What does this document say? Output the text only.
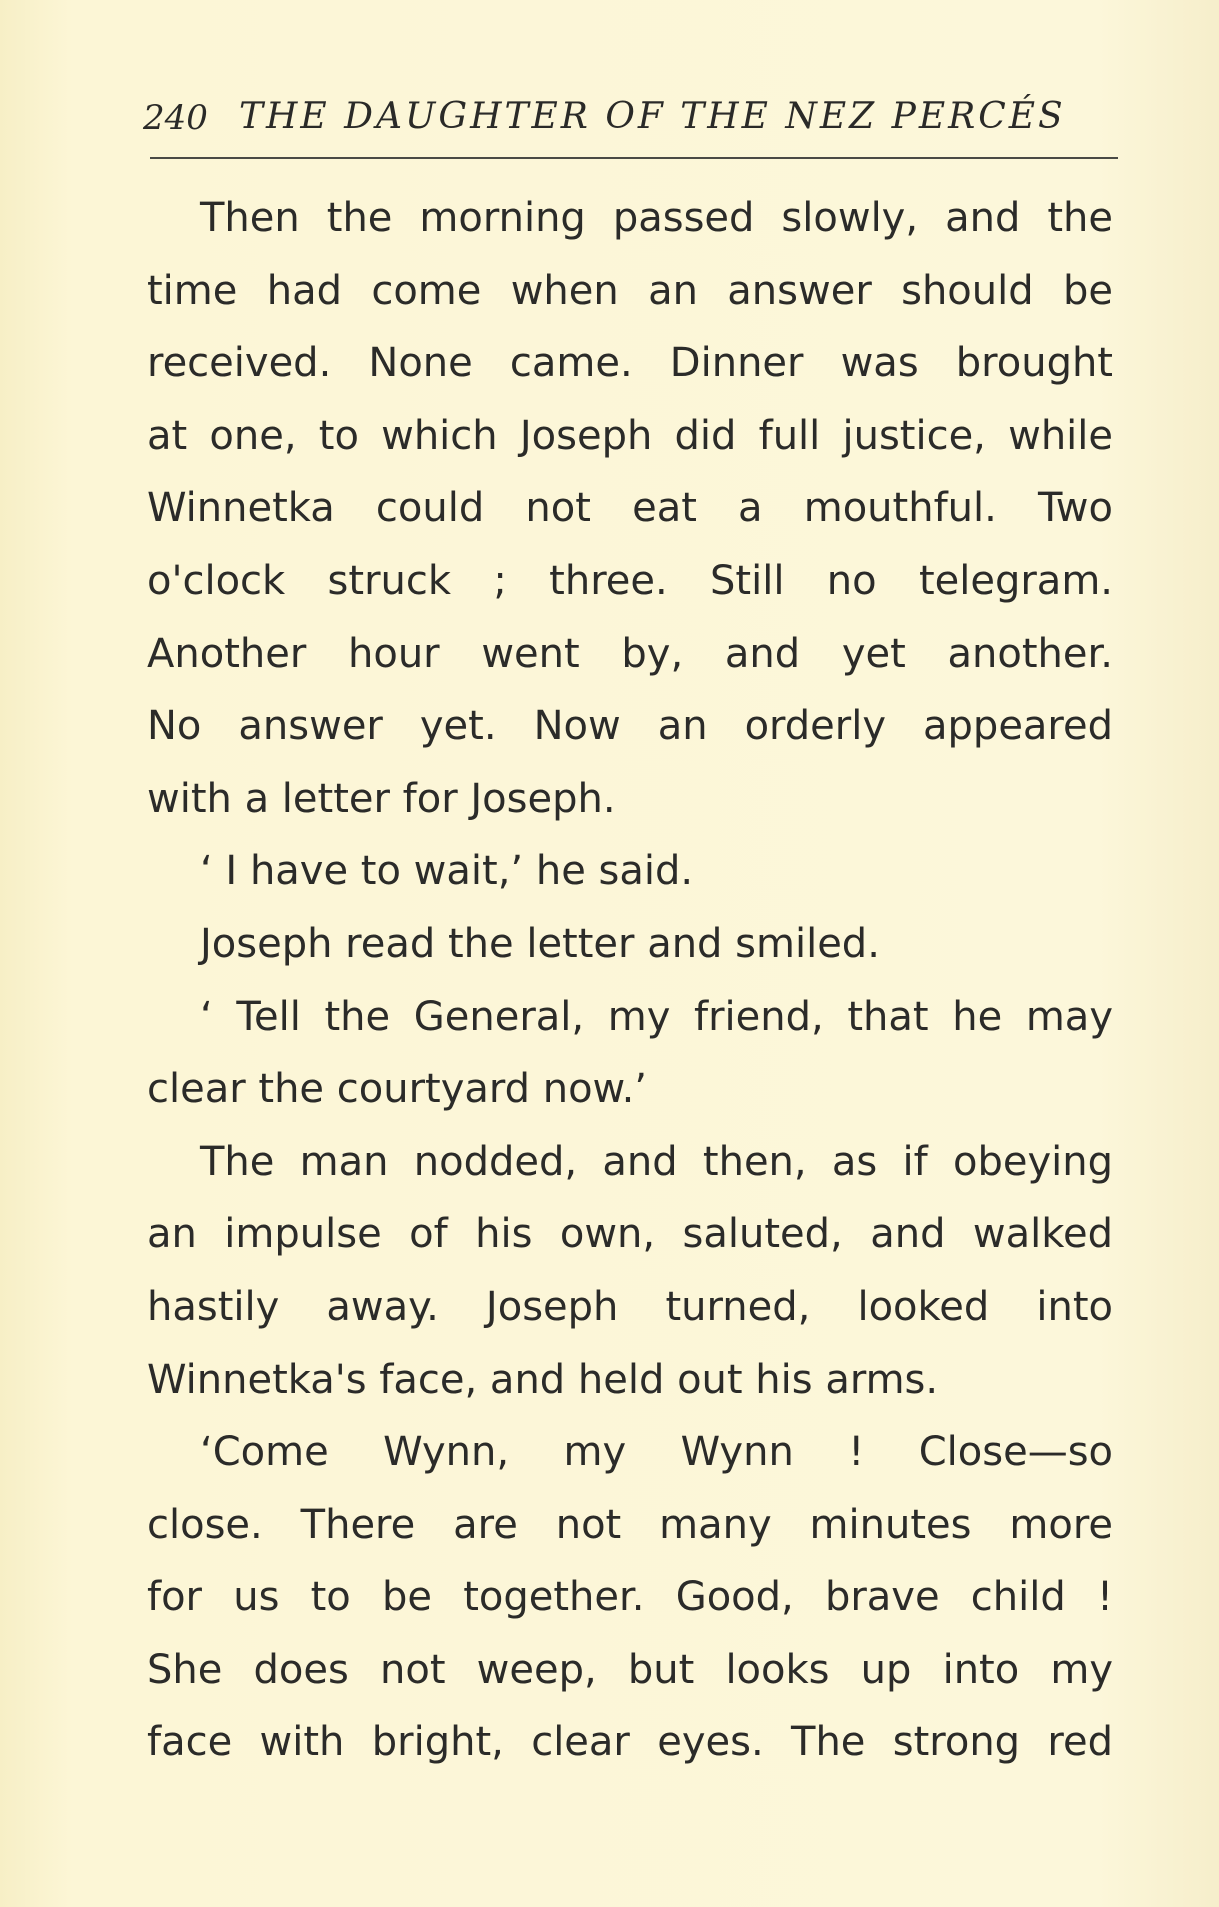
240 THE DAUGHTER OF THE NEZ PERCÉS
Then the morning passed slowly, and the
time had come when an answer should be
received. None came. Dinner was brought
at one, to which Joseph did full justice, while
Winnetka could not eat a mouthful. Two
o'clock struck ; three. Still no telegram.
Another hour went by, and yet another.
No answer yet. Now an orderly appeared
with a letter for Joseph.
‘ I have to wait,’ he said.
Joseph read the letter and smiled.
‘ Tell the General, my friend, that he may
clear the courtyard now.’
The man nodded, and then, as if obeying
an impulse of his own, saluted, and walked
hastily away. Joseph turned, looked into
Winnetka's face, and held out his arms.
‘Come Wynn, my Wynn ! Close—so
close. There are not many minutes more
for us to be together. Good, brave child !
She does not weep, but looks up into my
face with bright, clear eyes. The strong red
